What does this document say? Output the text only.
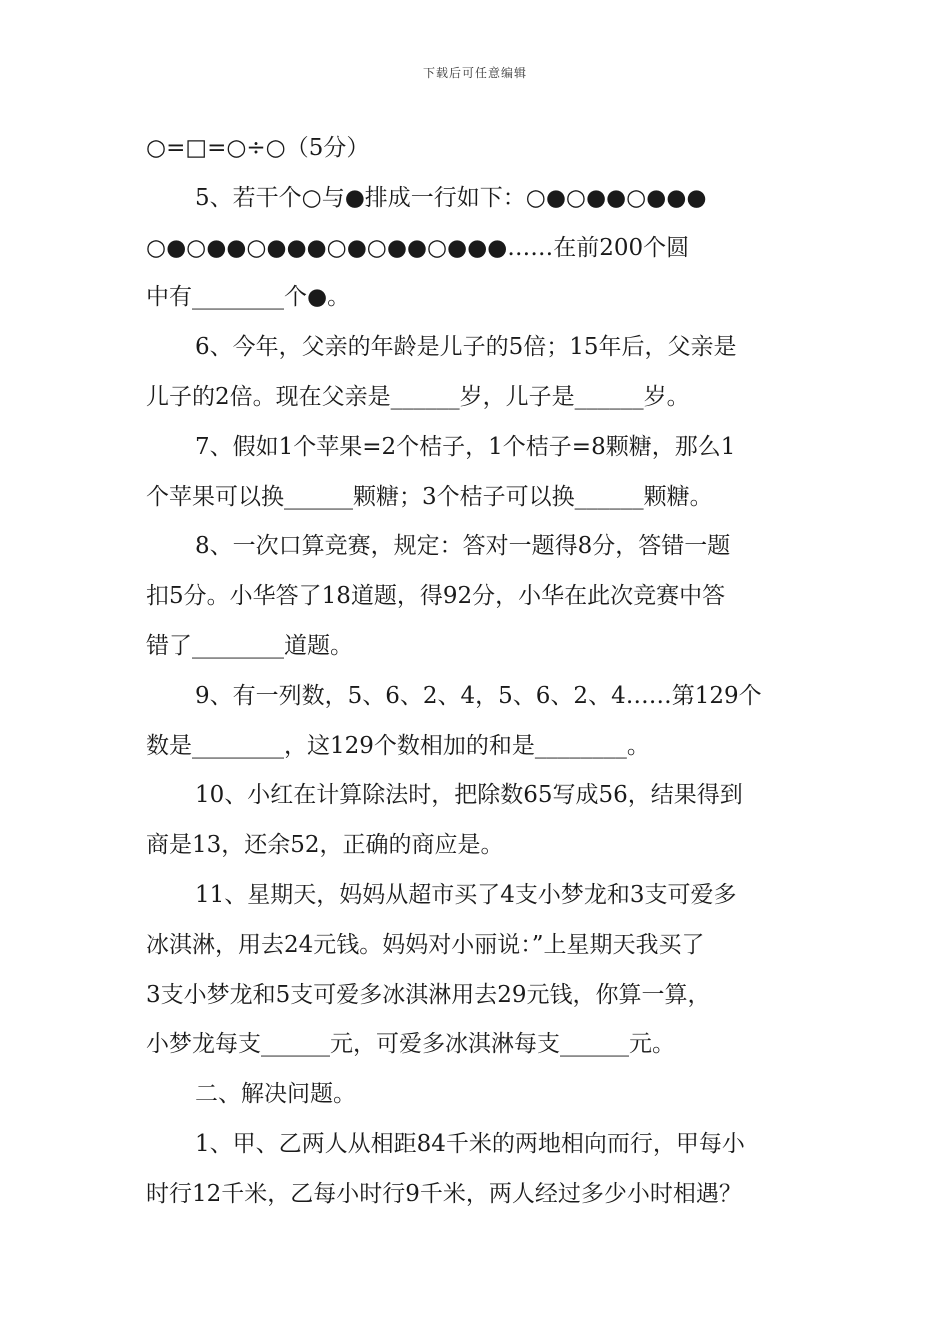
下载后可任意编辑
○=□=○÷○（5分）
5、若干个○与●排成一行如下：○●○●●○●●●
○●○●●○●●●○●○●●○●●●……在前200个圆
中有________个●。
6、今年，父亲的年龄是儿子的5倍；15年后，父亲是
儿子的2倍。现在父亲是______岁，儿子是______岁。
7、假如1个苹果=2个桔子，1个桔子=8颗糖，那么1
个苹果可以换______颗糖；3个桔子可以换______颗糖。
8、一次口算竞赛，规定：答对一题得8分，答错一题
扣5分。小华答了18道题，得92分，小华在此次竞赛中答
错了________道题。
9、有一列数，5、6、2、4，5、6、2、4……第129个
数是________，这129个数相加的和是________。
10、小红在计算除法时，把除数65写成56，结果得到
商是13，还余52，正确的商应是。
11、星期天，妈妈从超市买了4支小梦龙和3支可爱多
冰淇淋，用去24元钱。妈妈对小丽说：”上星期天我买了
3支小梦龙和5支可爱多冰淇淋用去29元钱，你算一算，
小梦龙每支______元，可爱多冰淇淋每支______元。
二、解决问题。
1、甲、乙两人从相距84千米的两地相向而行，甲每小
时行12千米，乙每小时行9千米，两人经过多少小时相遇？
